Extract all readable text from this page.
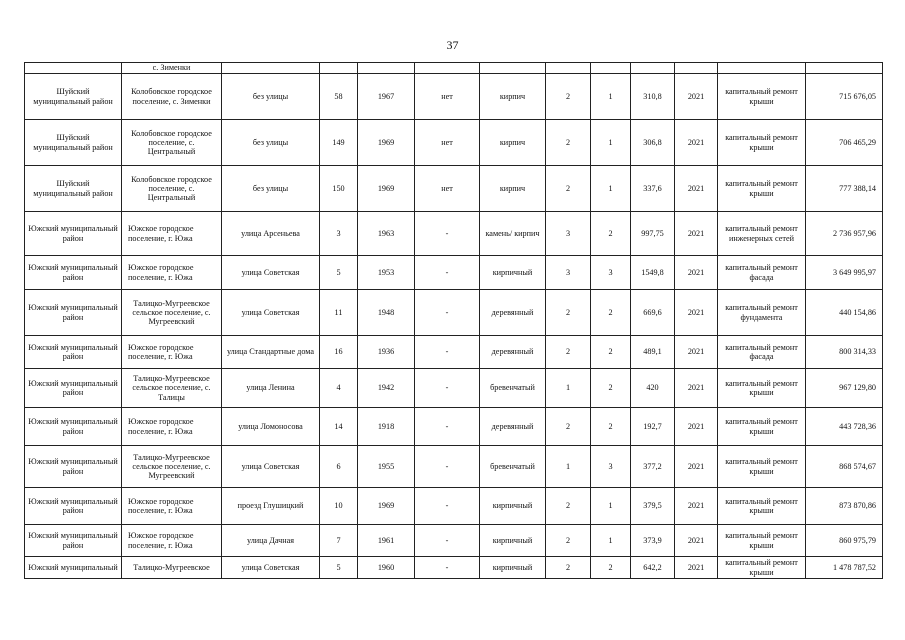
37
	с. Зименки											
Шуйский муниципальный район	Колобовское городское поселение, с. Зименки	без улицы	58	1967	нет	кирпич	2	1	310,8	2021	капитальный ремонт крыши	715 676,05
Шуйский муниципальный район	Колобовское городское поселение, с. Центральный	без улицы	149	1969	нет	кирпич	2	1	306,8	2021	капитальный ремонт крыши	706 465,29
Шуйский муниципальный район	Колобовское городское поселение, с. Центральный	без улицы	150	1969	нет	кирпич	2	1	337,6	2021	капитальный ремонт крыши	777 388,14
Южский муниципальный район	Южское городское поселение, г. Южа	улица Арсеньева	3	1963	-	камень/ кирпич	3	2	997,75	2021	капитальный ремонт инженерных сетей	2 736 957,96
Южский муниципальный район	Южское городское поселение, г. Южа	улица Советская	5	1953	-	кирпичный	3	3	1549,8	2021	капитальный ремонт фасада	3 649 995,97
Южский муниципальный район	Талицко-Мугреевское сельское поселение, с. Мугреевский	улица Советская	11	1948	-	деревянный	2	2	669,6	2021	капитальный ремонт фундамента	440 154,86
Южский муниципальный район	Южское городское поселение, г. Южа	улица Стандартные дома	16	1936	-	деревянный	2	2	489,1	2021	капитальный ремонт фасада	800 314,33
Южский муниципальный район	Талицко-Мугреевское сельское поселение, с. Талицы	улица Ленина	4	1942	-	бревенчатый	1	2	420	2021	капитальный ремонт крыши	967 129,80
Южский муниципальный район	Южское городское поселение, г. Южа	улица Ломоносова	14	1918	-	деревянный	2	2	192,7	2021	капитальный ремонт крыши	443 728,36
Южский муниципальный район	Талицко-Мугреевское сельское поселение, с. Мугреевский	улица Советская	6	1955	-	бревенчатый	1	3	377,2	2021	капитальный ремонт крыши	868 574,67
Южский муниципальный район	Южское городское поселение, г. Южа	проезд Глушицкий	10	1969	-	кирпичный	2	1	379,5	2021	капитальный ремонт крыши	873 870,86
Южский муниципальный район	Южское городское поселение, г. Южа	улица Дачная	7	1961	-	кирпичный	2	1	373,9	2021	капитальный ремонт крыши	860 975,79
Южский муниципальный	Талицко-Мугреевское	улица Советская	5	1960	-	кирпичный	2	2	642,2	2021	капитальный ремонт крыши	1 478 787,52
